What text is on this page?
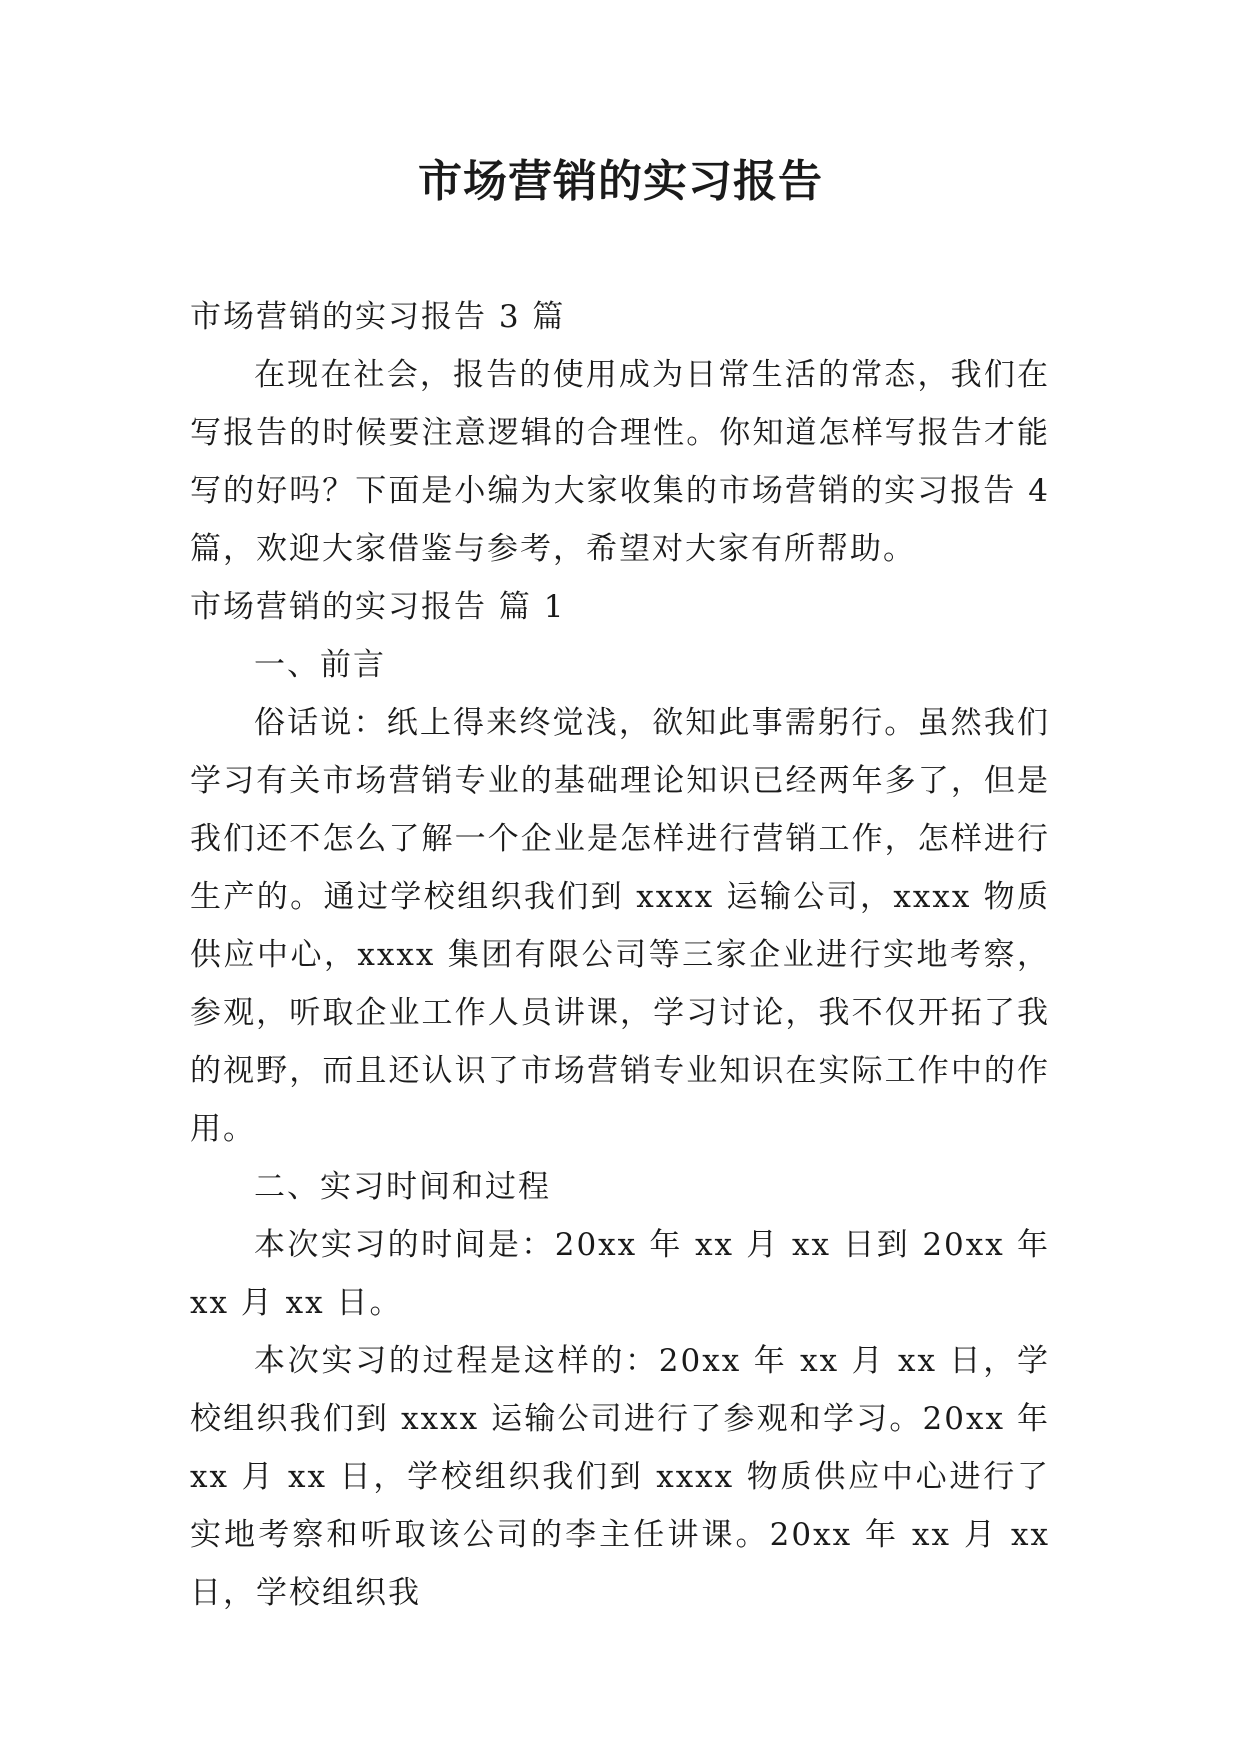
市场营销的实习报告

市场营销的实习报告 3 篇

在现在社会，报告的使用成为日常生活的常态，我们在写报告的时候要注意逻辑的合理性。你知道怎样写报告才能写的好吗？下面是小编为大家收集的市场营销的实习报告 4 篇，欢迎大家借鉴与参考，希望对大家有所帮助。

市场营销的实习报告 篇 1

一、前言

俗话说：纸上得来终觉浅，欲知此事需躬行。虽然我们学习有关市场营销专业的基础理论知识已经两年多了，但是我们还不怎么了解一个企业是怎样进行营销工作，怎样进行生产的。通过学校组织我们到 xxxx 运输公司，xxxx 物质供应中心，xxxx 集团有限公司等三家企业进行实地考察，参观，听取企业工作人员讲课，学习讨论，我不仅开拓了我的视野，而且还认识了市场营销专业知识在实际工作中的作用。

二、实习时间和过程

本次实习的时间是：20xx 年 xx 月 xx 日到 20xx 年 xx 月 xx 日。

本次实习的过程是这样的：20xx 年 xx 月 xx 日，学校组织我们到 xxxx 运输公司进行了参观和学习。20xx 年 xx 月 xx 日，学校组织我们到 xxxx 物质供应中心进行了实地考察和听取该公司的李主任讲课。20xx 年 xx 月 xx 日，学校组织我
